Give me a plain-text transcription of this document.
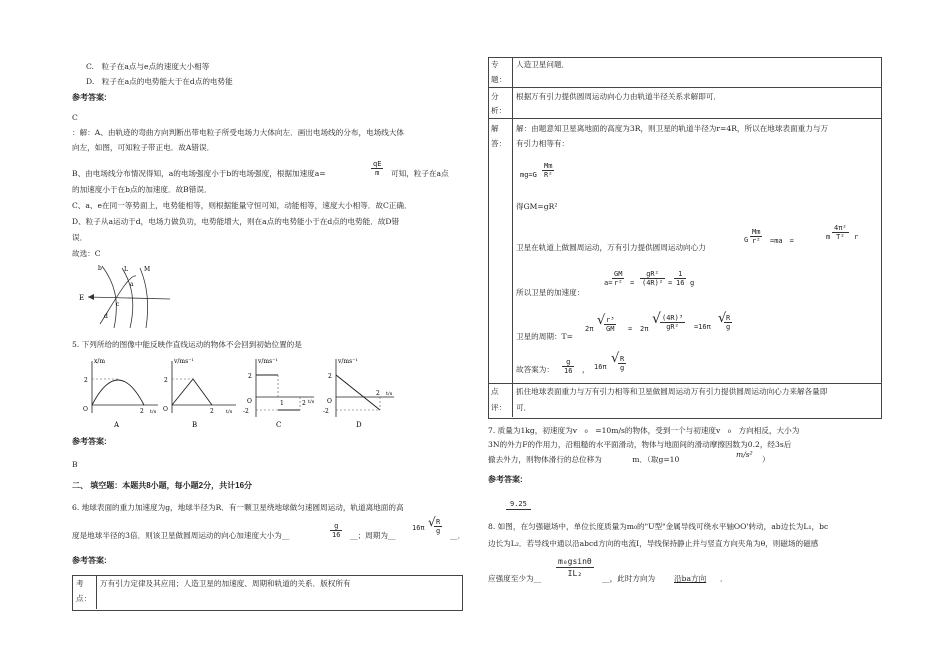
C.　粒子在a点与e点的速度大小相等
D.　粒子在a点的电势能大于在d点的电势能
参考答案:
C
：解：A、由轨迹的弯曲方向判断出带电粒子所受电场力大体向左．画出电场线的分布，电场线大体
向左，如图，可知粒子带正电．故A错误．
B、由电场线分布情况得知，a的电场强度小于b的电场强度，根据加速度a=	$\frac{qE}{m}$ 可知，粒子在a点
的加速度小于在b点的加速度．故B错误．
C、a、e在同一等势面上，电势能相等，则根据能量守恒可知，动能相等，速度大小相等．故C正确．
D、粒子从a运动于d，电场力做负功，电势能增大，则在a点的电势能小于在d点的电势能．故D错
误．
故选：C
E
b	L	M
a
c
d
5. 下列所给的图像中能反映作直线运动的物体不会回到初始位置的是
x/m
2
O	2 t/s
A
v/ms⁻¹
2
O	2 t/s
B
v/ms⁻¹
2
-2
O	1	2 t/s
C
v/ms⁻¹
2
-2
O
2 t/s
D
参考答案:
B
二、 填空题：本题共8小题，每小题2分，共计16分
6. 地球表面的重力加速度为g，地球半径为R．有一颗卫星绕地球做匀速圆周运动，轨道离地面的高
度是地球半径的3倍．则该卫星做圆周运动的向心加速度大小为__	$\frac{g}{16}$ __；周期为__
16π √
$\frac{R}{g}$
__．
参考答案:
考
点：
万有引力定律及其应用；人造卫星的加速度、周期和轨道的关系．版权所有
专
题：
人造卫星问题．
分
析：
根据万有引力提供圆周运动向心力由轨道半径关系求解即可．
解
答：
解：由题意知卫星离地面的高度为3R，则卫星的轨道半径为r=4R，所以在地球表面重力与万
有引力相等有：
$mg=G \frac{Mm}{\text{R²}}$
得GM=gR²
卫星在轨道上做圆周运动，万有引力提供圆周运动向心力
G $\frac{Mm}{\text{r²}} =ma$　=	m $\frac{\text{4π²}}{\text{T²}}$ r
所以卫星的加速度：
$a= \frac{GM}{\text{r²}} = \frac{\text{gR²}}{\text{(4R)²}} = \frac{1}{16}$ g
卫星的周期：T=
2π
√
$\frac{\text{r³}}{GM} = 2\pi$
√ $\frac{\text{(4R)³}}{\text{gR²}} =16\pi$
√
$\frac{R}{g}$
故答案为： $\frac{g}{16}$ ， 16π
√
$\frac{R}{g}$
点
评：
抓住地球表面重力与万有引力相等和卫星做圆周运动万有引力提供圆周运动向心力来解各量即
可．
7. 质量为1kg，初速度为v　₀　=10m/s的物体，受到一个与初速度v　₀　方向相反，大小为
3N的外力F的作用力，沿粗糙的水平面滑动，物体与地面间的滑动摩擦因数为0.2，经3s后
撤去外力，则物体滑行的总位移为　　　　m．（取g=10
m/s²
）
参考答案:
9.25
8. 如图，在匀强磁场中，单位长度质量为m₀的"U型"金属导线可绕水平轴OO'转动，ab边长为L₁，bc
边长为L₂．若导线中通以沿abcd方向的电流I，导线保持静止并与竖直方向夹角为θ，则磁场的磁感
应强度至少为__ $\frac{\text{m₀gsinθ}}{\text{IL₂}}$ __，此时方向为 沿ba方向 ．
